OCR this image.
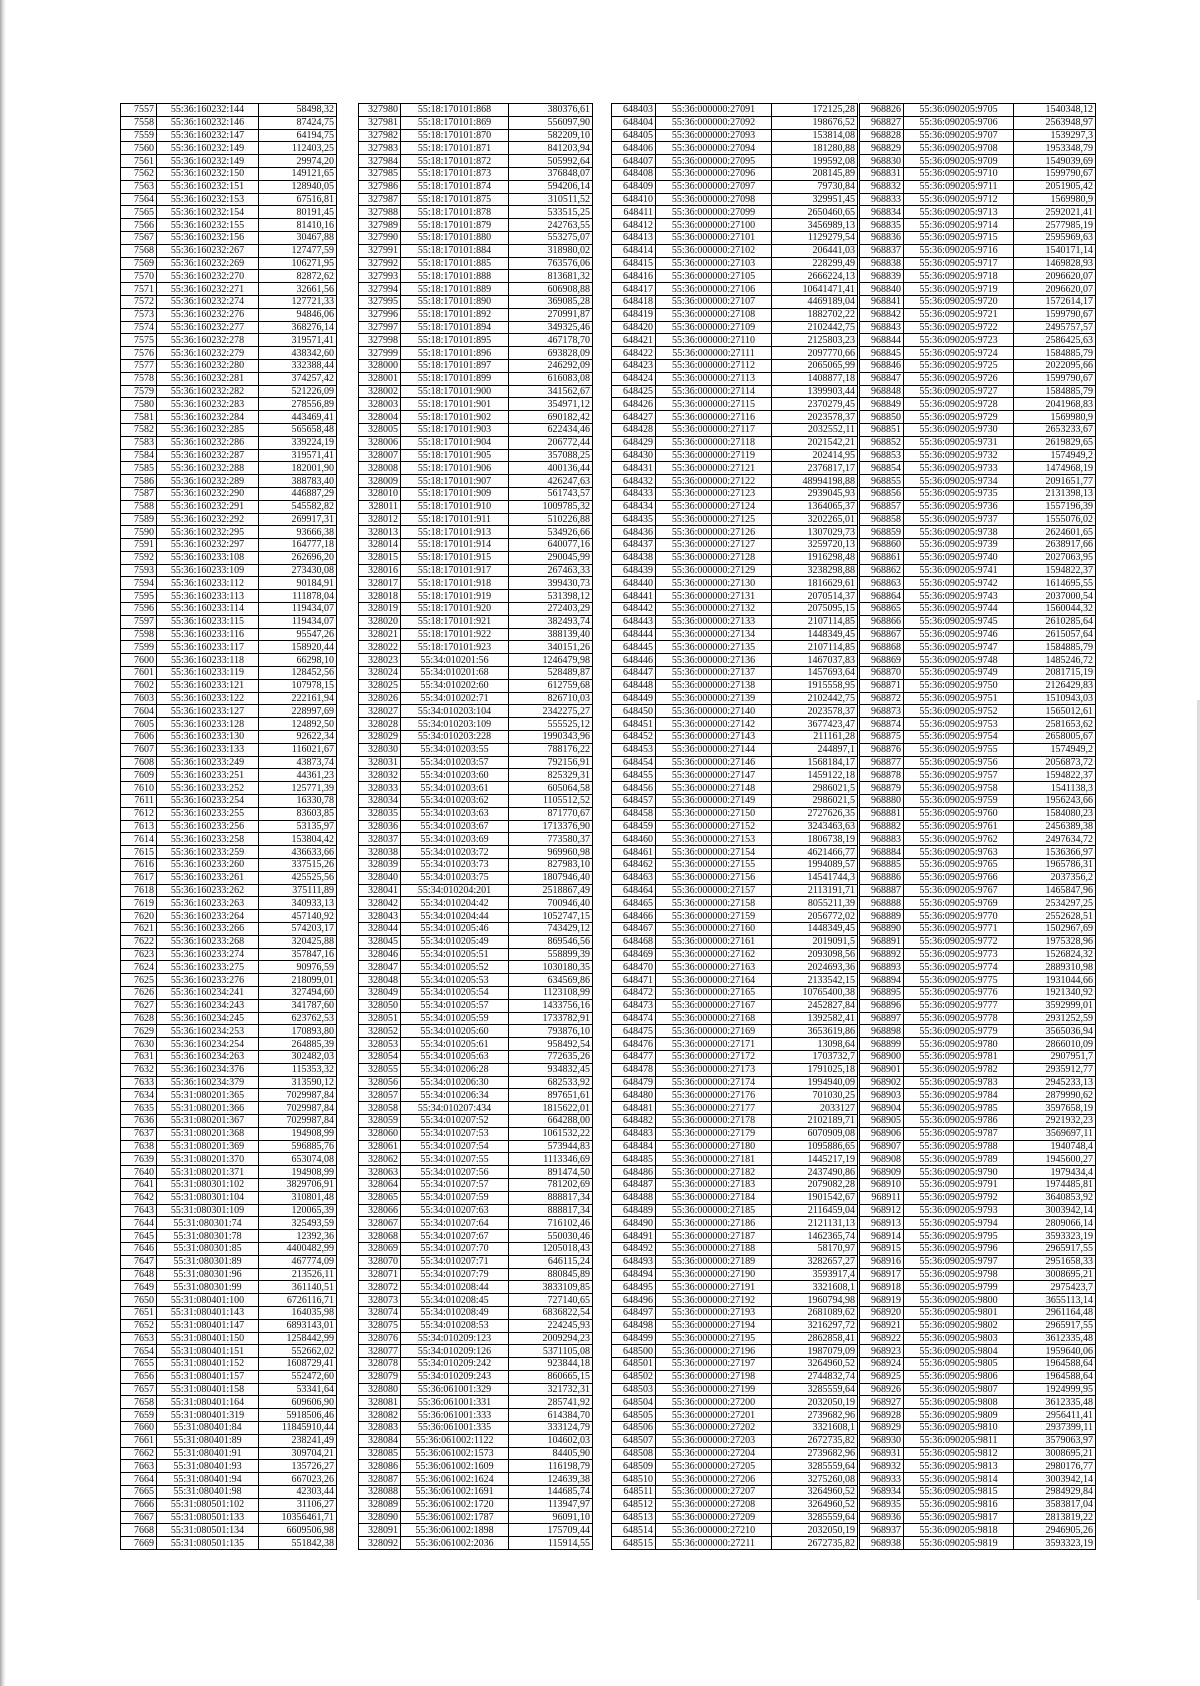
7557	55:36:160232:144	58498,32
7558	55:36:160232:146	87424,75
7559	55:36:160232:147	64194,75
7560	55:36:160232:149	112403,25
7561	55:36:160232:149	29974,20
7562	55:36:160232:150	149121,65
7563	55:36:160232:151	128940,05
7564	55:36:160232:153	67516,81
7565	55:36:160232:154	80191,45
7566	55:36:160232:155	81410,16
7567	55:36:160232:156	30467,88
7568	55:36:160232:267	127477,59
7569	55:36:160232:269	106271,95
7570	55:36:160232:270	82872,62
7571	55:36:160232:271	32661,56
7572	55:36:160232:274	127721,33
7573	55:36:160232:276	94846,06
7574	55:36:160232:277	368276,14
7575	55:36:160232:278	319571,41
7576	55:36:160232:279	438342,60
7577	55:36:160232:280	332388,44
7578	55:36:160232:281	374257,42
7579	55:36:160232:282	521226,09
7580	55:36:160232:283	278556,89
7581	55:36:160232:284	443469,41
7582	55:36:160232:285	565658,48
7583	55:36:160232:286	339224,19
7584	55:36:160232:287	319571,41
7585	55:36:160232:288	182001,90
7586	55:36:160232:289	388783,40
7587	55:36:160232:290	446887,29
7588	55:36:160232:291	545582,82
7589	55:36:160232:292	269917,31
7590	55:36:160232:295	93666,38
7591	55:36:160232:297	164777,18
7592	55:36:160233:108	262696,20
7593	55:36:160233:109	273430,08
7594	55:36:160233:112	90184,91
7595	55:36:160233:113	111878,04
7596	55:36:160233:114	119434,07
7597	55:36:160233:115	119434,07
7598	55:36:160233:116	95547,26
7599	55:36:160233:117	158920,44
7600	55:36:160233:118	66298,10
7601	55:36:160233:119	128452,56
7602	55:36:160233:121	107978,15
7603	55:36:160233:122	222161,94
7604	55:36:160233:127	228997,69
7605	55:36:160233:128	124892,50
7606	55:36:160233:130	92622,34
7607	55:36:160233:133	116021,67
7608	55:36:160233:249	43873,74
7609	55:36:160233:251	44361,23
7610	55:36:160233:252	125771,39
7611	55:36:160233:254	16330,78
7612	55:36:160233:255	83603,85
7613	55:36:160233:256	53135,97
7614	55:36:160233:258	153804,42
7615	55:36:160233:259	436633,66
7616	55:36:160233:260	337515,26
7617	55:36:160233:261	425525,56
7618	55:36:160233:262	375111,89
7619	55:36:160233:263	340933,13
7620	55:36:160233:264	457140,92
7621	55:36:160233:266	574203,17
7622	55:36:160233:268	320425,88
7623	55:36:160233:274	357847,16
7624	55:36:160233:275	90976,59
7625	55:36:160233:276	218099,01
7626	55:36:160234:241	327494,60
7627	55:36:160234:243	341787,60
7628	55:36:160234:245	623762,53
7629	55:36:160234:253	170893,80
7630	55:36:160234:254	264885,39
7631	55:36:160234:263	302482,03
7632	55:36:160234:376	115353,32
7633	55:36:160234:379	313590,12
7634	55:31:080201:365	7029987,84
7635	55:31:080201:366	7029987,84
7636	55:31:080201:367	7029987,84
7637	55:31:080201:368	194908,99
7638	55:31:080201:369	596885,76
7639	55:31:080201:370	653074,08
7640	55:31:080201:371	194908,99
7641	55:31:080301:102	3829706,91
7642	55:31:080301:104	310801,48
7643	55:31:080301:109	120065,39
7644	55:31:080301:74	325493,59
7645	55:31:080301:78	12392,36
7646	55:31:080301:85	4400482,99
7647	55:31:080301:89	467774,09
7648	55:31:080301:96	213526,11
7649	55:31:080301:99	361140,51
7650	55:31:080401:100	6726116,71
7651	55:31:080401:143	164035,98
7652	55:31:080401:147	6893143,01
7653	55:31:080401:150	1258442,99
7654	55:31:080401:151	552662,02
7655	55:31:080401:152	1608729,41
7656	55:31:080401:157	552472,60
7657	55:31:080401:158	53341,64
7658	55:31:080401:164	609606,90
7659	55:31:080401:319	5918506,46
7660	55:31:080401:84	11845910,44
7661	55:31:080401:89	238241,49
7662	55:31:080401:91	309704,21
7663	55:31:080401:93	135726,27
7664	55:31:080401:94	667023,26
7665	55:31:080401:98	42303,44
7666	55:31:080501:102	31106,27
7667	55:31:080501:133	10356461,71
7668	55:31:080501:134	6609506,98
7669	55:31:080501:135	551842,38
327980	55:18:170101:868	380376,61
327981	55:18:170101:869	556097,90
327982	55:18:170101:870	582209,10
327983	55:18:170101:871	841203,94
327984	55:18:170101:872	505992,64
327985	55:18:170101:873	376848,07
327986	55:18:170101:874	594206,14
327987	55:18:170101:875	310511,52
327988	55:18:170101:878	533515,25
327989	55:18:170101:879	242763,55
327990	55:18:170101:880	553275,07
327991	55:18:170101:884	318980,02
327992	55:18:170101:885	763576,06
327993	55:18:170101:888	813681,32
327994	55:18:170101:889	606908,88
327995	55:18:170101:890	369085,28
327996	55:18:170101:892	270991,87
327997	55:18:170101:894	349325,46
327998	55:18:170101:895	467178,70
327999	55:18:170101:896	693828,09
328000	55:18:170101:897	246292,09
328001	55:18:170101:899	616083,08
328002	55:18:170101:900	341562,67
328003	55:18:170101:901	354971,12
328004	55:18:170101:902	690182,42
328005	55:18:170101:903	622434,46
328006	55:18:170101:904	206772,44
328007	55:18:170101:905	357088,25
328008	55:18:170101:906	400136,44
328009	55:18:170101:907	426247,63
328010	55:18:170101:909	561743,57
328011	55:18:170101:910	1009785,32
328012	55:18:170101:911	510226,88
328013	55:18:170101:913	534926,66
328014	55:18:170101:914	640077,16
328015	55:18:170101:915	290045,99
328016	55:18:170101:917	267463,33
328017	55:18:170101:918	399430,73
328018	55:18:170101:919	531398,12
328019	55:18:170101:920	272403,29
328020	55:18:170101:921	382493,74
328021	55:18:170101:922	388139,40
328022	55:18:170101:923	340151,26
328023	55:34:010201:56	1246479,98
328024	55:34:010201:68	528489,87
328025	55:34:010202:60	612759,68
328026	55:34:010202:71	826710,03
328027	55:34:010203:104	2342275,27
328028	55:34:010203:109	555525,12
328029	55:34:010203:228	1990343,96
328030	55:34:010203:55	788176,22
328031	55:34:010203:57	792156,91
328032	55:34:010203:60	825329,31
328033	55:34:010203:61	605064,58
328034	55:34:010203:62	1105512,52
328035	55:34:010203:63	871770,67
328036	55:34:010203:67	1713376,90
328037	55:34:010203:69	773580,37
328038	55:34:010203:72	969960,98
328039	55:34:010203:73	827983,10
328040	55:34:010203:75	1807946,40
328041	55:34:010204:201	2518867,49
328042	55:34:010204:42	700946,40
328043	55:34:010204:44	1052747,15
328044	55:34:010205:46	743429,12
328045	55:34:010205:49	869546,56
328046	55:34:010205:51	558899,39
328047	55:34:010205:52	1030180,35
328048	55:34:010205:53	634569,86
328049	55:34:010205:54	1123108,99
328050	55:34:010205:57	1433756,16
328051	55:34:010205:59	1733782,91
328052	55:34:010205:60	793876,10
328053	55:34:010205:61	958492,54
328054	55:34:010205:63	772635,26
328055	55:34:010206:28	934832,45
328056	55:34:010206:30	682533,92
328057	55:34:010206:34	897651,61
328058	55:34:010207:434	1815622,01
328059	55:34:010207:52	664288,00
328060	55:34:010207:53	1061532,22
328061	55:34:010207:54	573944,83
328062	55:34:010207:55	1113346,69
328063	55:34:010207:56	891474,50
328064	55:34:010207:57	781202,69
328065	55:34:010207:59	888817,34
328066	55:34:010207:63	888817,34
328067	55:34:010207:64	716102,46
328068	55:34:010207:67	550030,46
328069	55:34:010207:70	1205018,43
328070	55:34:010207:71	646115,24
328071	55:34:010207:79	880845,89
328072	55:34:010208:44	3833109,85
328073	55:34:010208:45	727140,65
328074	55:34:010208:49	6836822,54
328075	55:34:010208:53	224245,93
328076	55:34:010209:123	2009294,23
328077	55:34:010209:126	5371105,08
328078	55:34:010209:242	923844,18
328079	55:34:010209:243	860665,15
328080	55:36:061001:329	321732,31
328081	55:36:061001:331	285741,92
328082	55:36:061001:333	614384,70
328083	55:36:061001:335	333124,79
328084	55:36:061002:1122	104602,03
328085	55:36:061002:1573	84405,90
328086	55:36:061002:1609	116198,79
328087	55:36:061002:1624	124639,38
328088	55:36:061002:1691	144685,74
328089	55:36:061002:1720	113947,97
328090	55:36:061002:1787	96091,10
328091	55:36:061002:1898	175709,44
328092	55:36:061002:2036	115914,55
648403	55:36:000000:27091	172125,28
648404	55:36:000000:27092	198676,52
648405	55:36:000000:27093	153814,08
648406	55:36:000000:27094	181280,88
648407	55:36:000000:27095	199592,08
648408	55:36:000000:27096	208145,89
648409	55:36:000000:27097	79730,84
648410	55:36:000000:27098	329951,45
648411	55:36:000000:27099	2650460,65
648412	55:36:000000:27100	3456989,13
648413	55:36:000000:27101	1129279,54
648414	55:36:000000:27102	206441,03
648415	55:36:000000:27103	228299,49
648416	55:36:000000:27105	2666224,13
648417	55:36:000000:27106	10641471,41
648418	55:36:000000:27107	4469189,04
648419	55:36:000000:27108	1882702,22
648420	55:36:000000:27109	2102442,75
648421	55:36:000000:27110	2125803,23
648422	55:36:000000:27111	2097770,66
648423	55:36:000000:27112	2065065,99
648424	55:36:000000:27113	1408877,18
648425	55:36:000000:27114	1399903,44
648426	55:36:000000:27115	2370279,45
648427	55:36:000000:27116	2023578,37
648428	55:36:000000:27117	2032552,11
648429	55:36:000000:27118	2021542,21
648430	55:36:000000:27119	202414,95
648431	55:36:000000:27121	2376817,17
648432	55:36:000000:27122	48994198,88
648433	55:36:000000:27123	2939045,93
648434	55:36:000000:27124	1364065,37
648435	55:36:000000:27125	3202265,01
648436	55:36:000000:27126	1307029,73
648437	55:36:000000:27127	3259720,13
648438	55:36:000000:27128	1916298,48
648439	55:36:000000:27129	3238298,88
648440	55:36:000000:27130	1816629,61
648441	55:36:000000:27131	2070514,37
648442	55:36:000000:27132	2075095,15
648443	55:36:000000:27133	2107114,85
648444	55:36:000000:27134	1448349,45
648445	55:36:000000:27135	2107114,85
648446	55:36:000000:27136	1467037,83
648447	55:36:000000:27137	1457693,64
648448	55:36:000000:27138	1915558,95
648449	55:36:000000:27139	2102442,75
648450	55:36:000000:27140	2023578,37
648451	55:36:000000:27142	3677423,47
648452	55:36:000000:27143	211161,28
648453	55:36:000000:27144	244897,1
648454	55:36:000000:27146	1568184,17
648455	55:36:000000:27147	1459122,18
648456	55:36:000000:27148	2986021,5
648457	55:36:000000:27149	2986021,5
648458	55:36:000000:27150	2727626,35
648459	55:36:000000:27152	3243463,63
648460	55:36:000000:27153	1806738,19
648461	55:36:000000:27154	4621466,77
648462	55:36:000000:27155	1994089,57
648463	55:36:000000:27156	14541744,3
648464	55:36:000000:27157	2113191,71
648465	55:36:000000:27158	8055211,39
648466	55:36:000000:27159	2056772,02
648467	55:36:000000:27160	1448349,45
648468	55:36:000000:27161	2019091,5
648469	55:36:000000:27162	2093098,56
648470	55:36:000000:27163	2024693,36
648471	55:36:000000:27164	2133542,15
648472	55:36:000000:27165	10765400,38
648473	55:36:000000:27167	2452827,84
648474	55:36:000000:27168	1392582,41
648475	55:36:000000:27169	3653619,86
648476	55:36:000000:27171	13098,64
648477	55:36:000000:27172	1703732,7
648478	55:36:000000:27173	1791025,18
648479	55:36:000000:27174	1994940,09
648480	55:36:000000:27176	701030,25
648481	55:36:000000:27177	2033127
648482	55:36:000000:27178	2102189,71
648483	55:36:000000:27179	6070909,08
648484	55:36:000000:27180	1095886,65
648485	55:36:000000:27181	1445217,19
648486	55:36:000000:27182	2437490,86
648487	55:36:000000:27183	2079082,28
648488	55:36:000000:27184	1901542,67
648489	55:36:000000:27185	2116459,04
648490	55:36:000000:27186	2121131,13
648491	55:36:000000:27187	1462365,74
648492	55:36:000000:27188	58170,97
648493	55:36:000000:27189	3282657,27
648494	55:36:000000:27190	3593917,4
648495	55:36:000000:27191	3321608,1
648496	55:36:000000:27192	1960794,98
648497	55:36:000000:27193	2681089,62
648498	55:36:000000:27194	3216297,72
648499	55:36:000000:27195	2862858,41
648500	55:36:000000:27196	1987079,09
648501	55:36:000000:27197	3264960,52
648502	55:36:000000:27198	2744832,74
648503	55:36:000000:27199	3285559,64
648504	55:36:000000:27200	2032050,19
648505	55:36:000000:27201	2739682,96
648506	55:36:000000:27202	3321608,1
648507	55:36:000000:27203	2672735,82
648508	55:36:000000:27204	2739682,96
648509	55:36:000000:27205	3285559,64
648510	55:36:000000:27206	3275260,08
648511	55:36:000000:27207	3264960,52
648512	55:36:000000:27208	3264960,52
648513	55:36:000000:27209	3285559,64
648514	55:36:000000:27210	2032050,19
648515	55:36:000000:27211	2672735,82
968826	55:36:090205:9705	1540348,12
968827	55:36:090205:9706	2563948,97
968828	55:36:090205:9707	1539297,3
968829	55:36:090205:9708	1953348,79
968830	55:36:090205:9709	1549039,69
968831	55:36:090205:9710	1599790,67
968832	55:36:090205:9711	2051905,42
968833	55:36:090205:9712	1569980,9
968834	55:36:090205:9713	2592021,41
968835	55:36:090205:9714	2577985,19
968836	55:36:090205:9715	2595969,63
968837	55:36:090205:9716	1540171,14
968838	55:36:090205:9717	1469828,93
968839	55:36:090205:9718	2096620,07
968840	55:36:090205:9719	2096620,07
968841	55:36:090205:9720	1572614,17
968842	55:36:090205:9721	1599790,67
968843	55:36:090205:9722	2495757,57
968844	55:36:090205:9723	2586425,63
968845	55:36:090205:9724	1584885,79
968846	55:36:090205:9725	2022095,66
968847	55:36:090205:9726	1599790,67
968848	55:36:090205:9727	1584885,79
968849	55:36:090205:9728	2041968,83
968850	55:36:090205:9729	1569980,9
968851	55:36:090205:9730	2653233,67
968852	55:36:090205:9731	2619829,65
968853	55:36:090205:9732	1574949,2
968854	55:36:090205:9733	1474968,19
968855	55:36:090205:9734	2091651,77
968856	55:36:090205:9735	2131398,13
968857	55:36:090205:9736	1557196,39
968858	55:36:090205:9737	1555076,02
968859	55:36:090205:9738	2624601,65
968860	55:36:090205:9739	2638917,66
968861	55:36:090205:9740	2027063,95
968862	55:36:090205:9741	1594822,37
968863	55:36:090205:9742	1614695,55
968864	55:36:090205:9743	2037000,54
968865	55:36:090205:9744	1560044,32
968866	55:36:090205:9745	2610285,64
968867	55:36:090205:9746	2615057,64
968868	55:36:090205:9747	1584885,79
968869	55:36:090205:9748	1485246,72
968870	55:36:090205:9749	2081715,19
968871	55:36:090205:9750	2126429,83
968872	55:36:090205:9751	1510943,03
968873	55:36:090205:9752	1565012,61
968874	55:36:090205:9753	2581653,62
968875	55:36:090205:9754	2658005,67
968876	55:36:090205:9755	1574949,2
968877	55:36:090205:9756	2056873,72
968878	55:36:090205:9757	1594822,37
968879	55:36:090205:9758	1541138,3
968880	55:36:090205:9759	1956243,66
968881	55:36:090205:9760	1584080,23
968882	55:36:090205:9761	2456389,38
968883	55:36:090205:9762	2497634,72
968884	55:36:090205:9763	1536366,97
968885	55:36:090205:9765	1965786,31
968886	55:36:090205:9766	2037356,2
968887	55:36:090205:9767	1465847,96
968888	55:36:090205:9769	2534297,25
968889	55:36:090205:9770	2552628,51
968890	55:36:090205:9771	1502967,69
968891	55:36:090205:9772	1975328,96
968892	55:36:090205:9773	1526824,32
968893	55:36:090205:9774	2889310,98
968894	55:36:090205:9775	1931044,66
968895	55:36:090205:9776	1921340,92
968896	55:36:090205:9777	3592999,01
968897	55:36:090205:9778	2931252,59
968898	55:36:090205:9779	3565036,94
968899	55:36:090205:9780	2866010,09
968900	55:36:090205:9781	2907951,7
968901	55:36:090205:9782	2935912,77
968902	55:36:090205:9783	2945233,13
968903	55:36:090205:9784	2879990,62
968904	55:36:090205:9785	3597658,19
968905	55:36:090205:9786	2921932,23
968906	55:36:090205:9787	3569697,11
968907	55:36:090205:9788	1940748,4
968908	55:36:090205:9789	1945600,27
968909	55:36:090205:9790	1979434,4
968910	55:36:090205:9791	1974485,81
968911	55:36:090205:9792	3640853,92
968912	55:36:090205:9793	3003942,14
968913	55:36:090205:9794	2809066,14
968914	55:36:090205:9795	3593323,19
968915	55:36:090205:9796	2965917,55
968916	55:36:090205:9797	2951658,33
968917	55:36:090205:9798	3008695,21
968918	55:36:090205:9799	2975423,7
968919	55:36:090205:9800	3655113,14
968920	55:36:090205:9801	2961164,48
968921	55:36:090205:9802	2965917,55
968922	55:36:090205:9803	3612335,48
968923	55:36:090205:9804	1959640,06
968924	55:36:090205:9805	1964588,64
968925	55:36:090205:9806	1964588,64
968926	55:36:090205:9807	1924999,95
968927	55:36:090205:9808	3612335,48
968928	55:36:090205:9809	2956411,41
968929	55:36:090205:9810	2937399,11
968930	55:36:090205:9811	3579063,97
968931	55:36:090205:9812	3008695,21
968932	55:36:090205:9813	2980176,77
968933	55:36:090205:9814	3003942,14
968934	55:36:090205:9815	2984929,84
968935	55:36:090205:9816	3583817,04
968936	55:36:090205:9817	2813819,22
968937	55:36:090205:9818	2946905,26
968938	55:36:090205:9819	3593323,19
